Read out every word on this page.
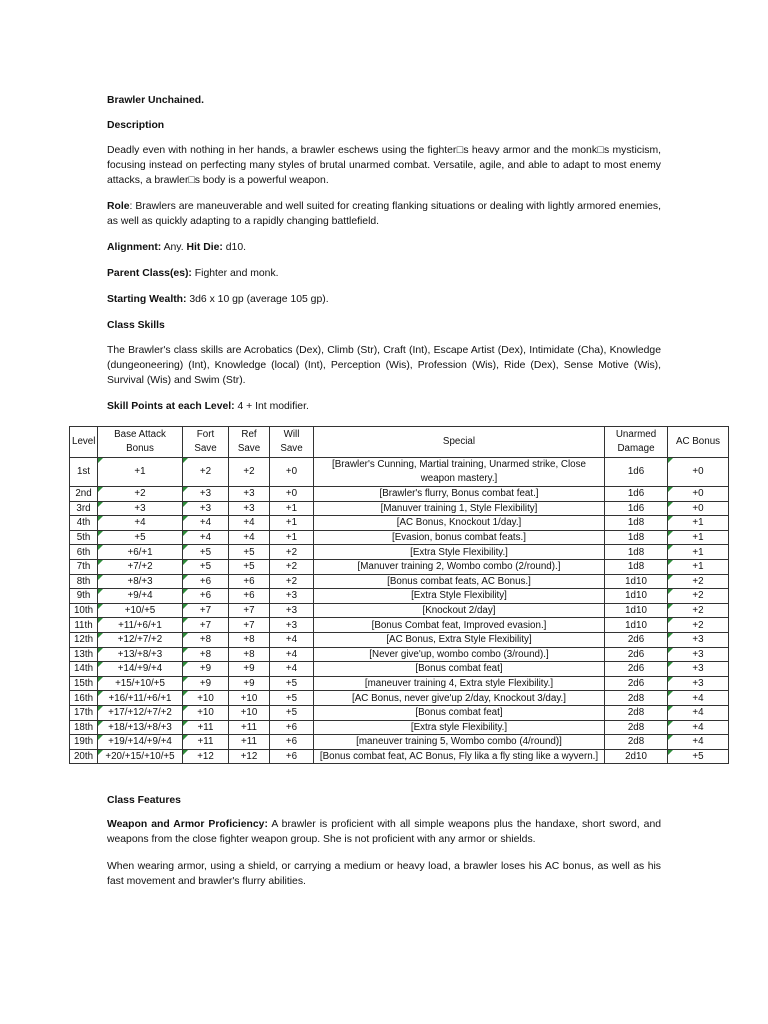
Brawler Unchained.

Description

Deadly even with nothing in her hands, a brawler eschews using the fighter□s heavy armor and the monk□s mysticism, focusing instead on perfecting many styles of brutal unarmed combat. Versatile, agile, and able to adapt to most enemy attacks, a brawler□s body is a powerful weapon.

Role: Brawlers are maneuverable and well suited for creating flanking situations or dealing with lightly armored enemies, as well as quickly adapting to a rapidly changing battlefield.

Alignment: Any. Hit Die: d10.

Parent Class(es): Fighter and monk.

Starting Wealth: 3d6 x 10 gp (average 105 gp).

Class Skills

The Brawler's class skills are Acrobatics (Dex), Climb (Str), Craft (Int), Escape Artist (Dex), Intimidate (Cha), Knowledge (dungeoneering) (Int), Knowledge (local) (Int), Perception (Wis), Profession (Wis), Ride (Dex), Sense Motive (Wis), Survival (Wis) and Swim (Str).

Skill Points at each Level: 4 + Int modifier.

Class Features

Weapon and Armor Proficiency: A brawler is proficient with all simple weapons plus the handaxe, short sword, and weapons from the close fighter weapon group. She is not proficient with any armor or shields.

When wearing armor, using a shield, or carrying a medium or heavy load, a brawler loses his AC bonus, as well as his fast movement and brawler's flurry abilities.

Level	Base Attack Bonus	Fort Save	Ref Save	Will Save	Special	Unarmed Damage	AC Bonus
1st	+1	+2	+2	+0	[Brawler's Cunning, Martial training, Unarmed strike, Close weapon mastery.]	1d6	+0
2nd	+2	+3	+3	+0	[Brawler's flurry, Bonus combat feat.]	1d6	+0
3rd	+3	+3	+3	+1	[Manuver training 1, Style Flexibility]	1d6	+0
4th	+4	+4	+4	+1	[AC Bonus, Knockout 1/day.]	1d8	+1
5th	+5	+4	+4	+1	[Evasion, bonus combat feats.]	1d8	+1
6th	+6/+1	+5	+5	+2	[Extra Style Flexibility.]	1d8	+1
7th	+7/+2	+5	+5	+2	[Manuver training 2, Wombo combo (2/round).]	1d8	+1
8th	+8/+3	+6	+6	+2	[Bonus combat feats, AC Bonus.]	1d10	+2
9th	+9/+4	+6	+6	+3	[Extra Style Flexibility]	1d10	+2
10th	+10/+5	+7	+7	+3	[Knockout 2/day]	1d10	+2
11th	+11/+6/+1	+7	+7	+3	[Bonus Combat feat, Improved evasion.]	1d10	+2
12th	+12/+7/+2	+8	+8	+4	[AC Bonus, Extra Style Flexibility]	2d6	+3
13th	+13/+8/+3	+8	+8	+4	[Never give'up, wombo combo (3/round).]	2d6	+3
14th	+14/+9/+4	+9	+9	+4	[Bonus combat feat]	2d6	+3
15th	+15/+10/+5	+9	+9	+5	[maneuver training 4, Extra style Flexibility.]	2d6	+3
16th	+16/+11/+6/+1	+10	+10	+5	[AC Bonus, never give'up 2/day, Knockout 3/day.]	2d8	+4
17th	+17/+12/+7/+2	+10	+10	+5	[Bonus combat feat]	2d8	+4
18th	+18/+13/+8/+3	+11	+11	+6	[Extra style Flexibility.]	2d8	+4
19th	+19/+14/+9/+4	+11	+11	+6	[maneuver training 5, Wombo combo (4/round)]	2d8	+4
20th	+20/+15/+10/+5	+12	+12	+6	[Bonus combat feat, AC Bonus, Fly lika a fly sting like a wyvern.]	2d10	+5
